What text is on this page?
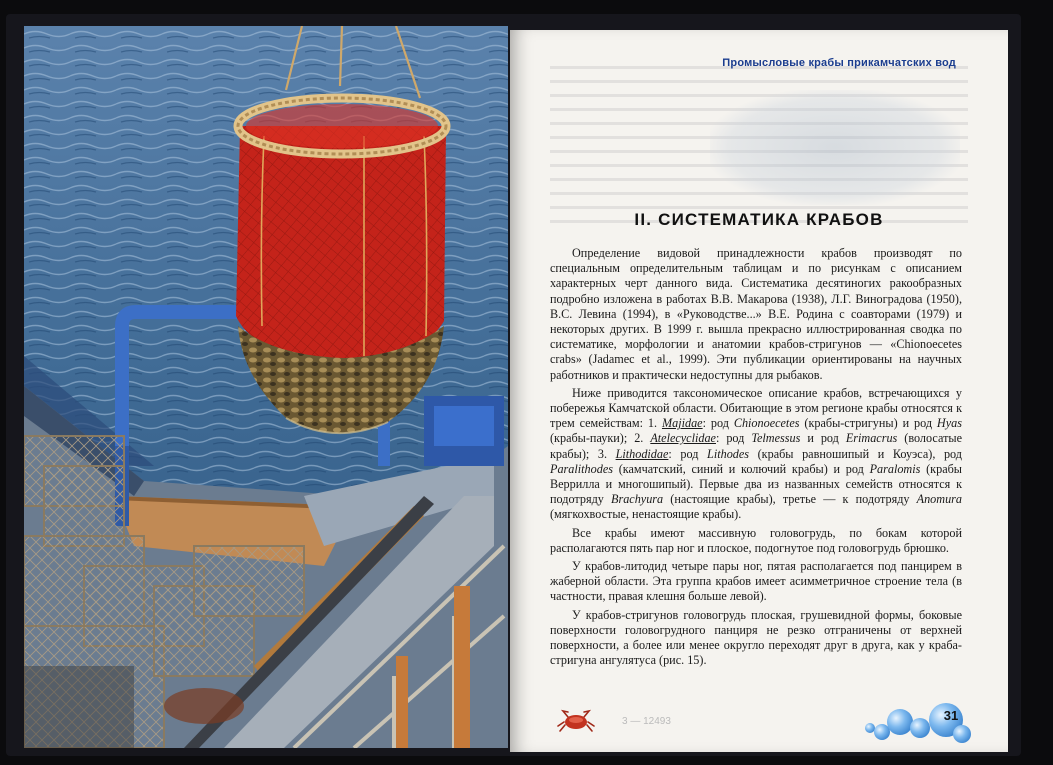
Промысловые крабы прикамчатских вод
II. СИСТЕМАТИКА КРАБОВ

Определение видовой принадлежности крабов производят по специальным определительным таблицам и по рисункам с описанием характерных черт данного вида. Систематика десятиногих ракообразных подробно изложена в работах В.В. Макарова (1938), Л.Г. Виноградова (1950), В.С. Левина (1994), в «Руководстве...» В.Е. Родина с соавторами (1979) и некоторых других. В 1999 г. вышла прекрасно иллюстрированная сводка по систематике, морфологии и анатомии крабов-стригунов — «Chionoecetes crabs» (Jadamec et al., 1999). Эти публикации ориентированы на научных работников и практически недоступны для рыбаков.

Ниже приводится таксономическое описание крабов, встречающихся у побережья Камчатской области. Обитающие в этом регионе крабы относятся к трем семействам: 1. Majidae: род Chionoecetes (крабы-стригуны) и род Hyas (крабы-пауки); 2. Atelecyclidae: род Telmessus и род Erimacrus (волосатые крабы); 3. Lithodidae: род Lithodes (крабы равношипый и Коуэса), род Paralithodes (камчатский, синий и колючий крабы) и род Paralomis (крабы Веррилла и многошипый). Первые два из названных семейств относятся к подотряду Brachyura (настоящие крабы), третье — к подотряду Anomura (мягкохвостые, ненастоящие крабы).

Все крабы имеют массивную головогрудь, по бокам которой располагаются пять пар ног и плоское, подогнутое под головогрудь брюшко.

У крабов-литодид четыре пары ног, пятая располагается под панцирем в жаберной области. Эта группа крабов имеет асимметричное строение тела (в частности, правая клешня больше левой).

У крабов-стригунов головогрудь плоская, грушевидной формы, боковые поверхности головогрудного панциря не резко отграничены от верхней поверхности, а более или менее округло переходят друг в друга, как у краба-стригуна ангулятуса (рис. 15).

3 — 12493	31
